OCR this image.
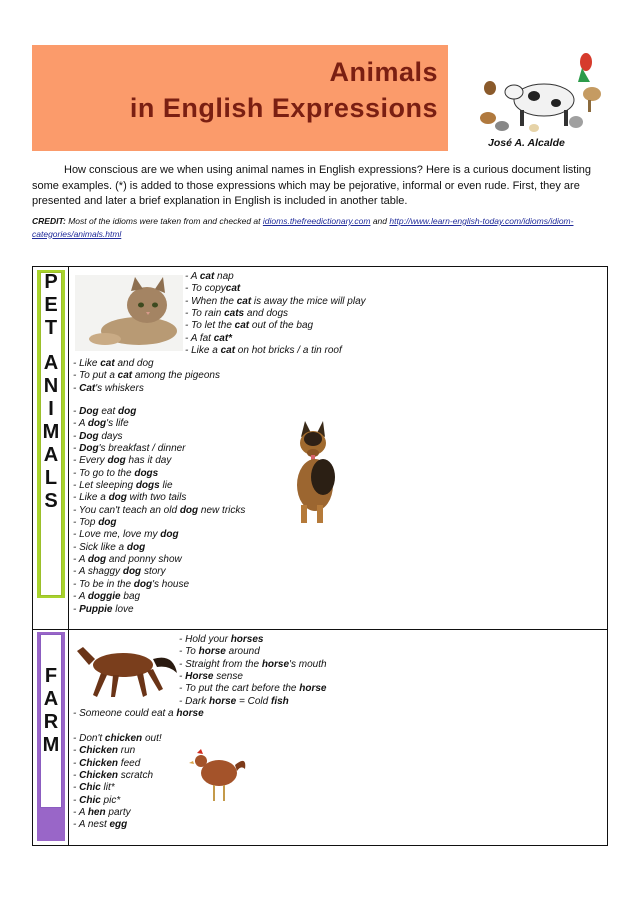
Animals
in English Expressions
José A. Alcalde
How conscious are we when using animal names in English expressions? Here is a curious document listing some examples. (*) is added to those expressions which may be pejorative, informal or even rude. First, they are presented and later a brief explanation in English is included in another table.
CREDIT: Most of the idioms were taken from and checked at idioms.thefreedictionary.com and http://www.learn-english-today.com/idioms/idiom-categories/animals.html
P
E
T
A
N
I
M
A
L
S
F
A
R
M
- A cat nap
- To copycat
- When the cat is away the mice will play
- To rain cats and dogs
- To let the cat out of the bag
- A fat cat*
- Like a cat on hot bricks / a tin roof
- Like cat and dog
- To put a cat among the pigeons
- Cat's whiskers
- Dog eat dog
- A dog's life
- Dog days
- Dog's breakfast / dinner
- Every dog has it day
- To go to the dogs
- Let sleeping dogs lie
- Like a dog with two tails
- You can't teach an old dog new tricks
- Top dog
- Love me, love my dog
- Sick like a dog
- A dog and ponny show
- A shaggy dog story
- To be in the dog's house
- A doggie bag
- Puppie love
- Hold your horses
- To horse around
- Straight from the horse's mouth
- Horse sense
- To put the cart before the horse
- Dark horse = Cold fish
- Someone could eat a horse
- Don't chicken out!
- Chicken run
- Chicken feed
- Chicken scratch
- Chic lit*
- Chic pic*
- A hen party
- A nest egg
